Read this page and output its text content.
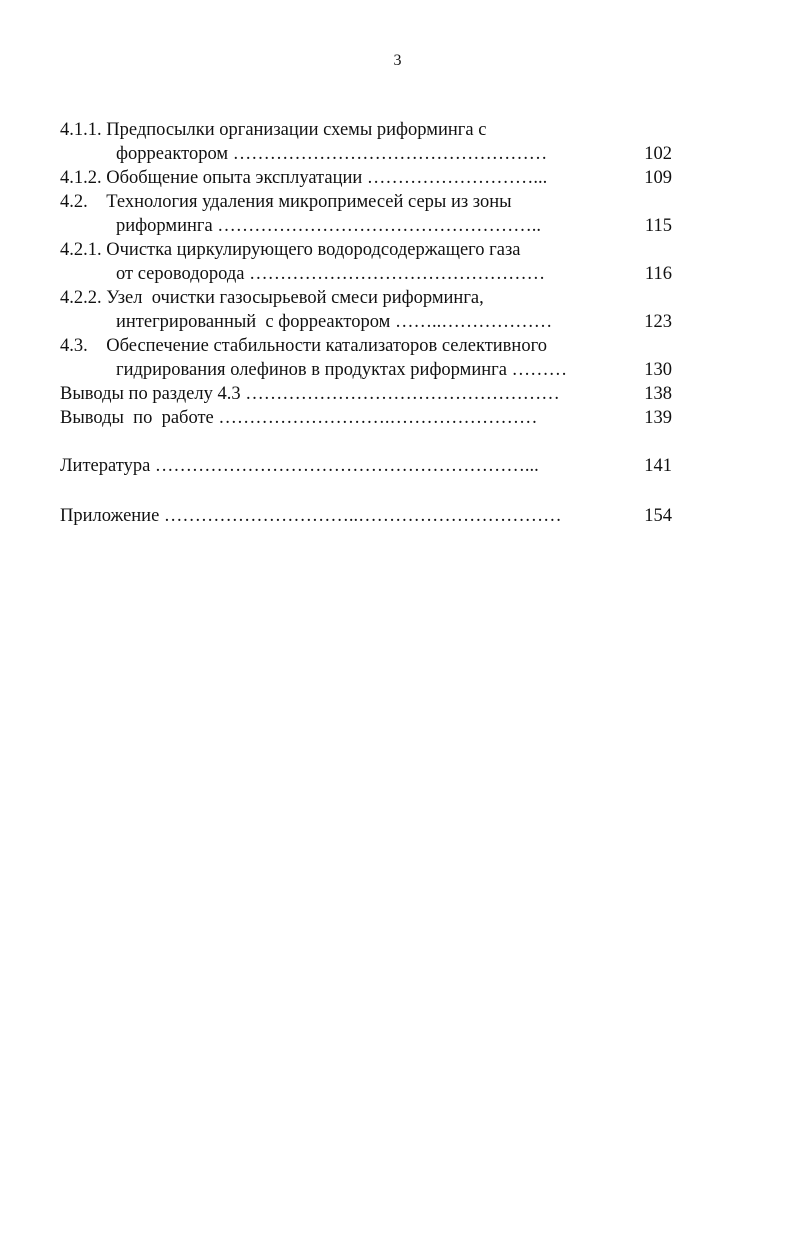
3
4.1.1. Предпосылки организации схемы риформинга с
форреактором ……………………………………………	102
4.1.2. Обобщение опыта эксплуатации ………………………...	109
4.2.    Технология удаления микропримесей серы из зоны
риформинга ……………………………………………..	115
4.2.1. Очистка циркулирующего водородсодержащего газа
от сероводорода …………………………………………	116
4.2.2. Узел  очистки газосырьевой смеси риформинга,
интегрированный  с форреактором ……..………………	123
4.3.    Обеспечение стабильности катализаторов селективного
гидрирования олефинов в продуктах риформинга ………	130
Выводы по разделу 4.3 ……………………………………………	138
Выводы  по  работе ……………………….……………………	139
Литература ……………………………………………………...	141
Приложение …………………………..……………………………	154
